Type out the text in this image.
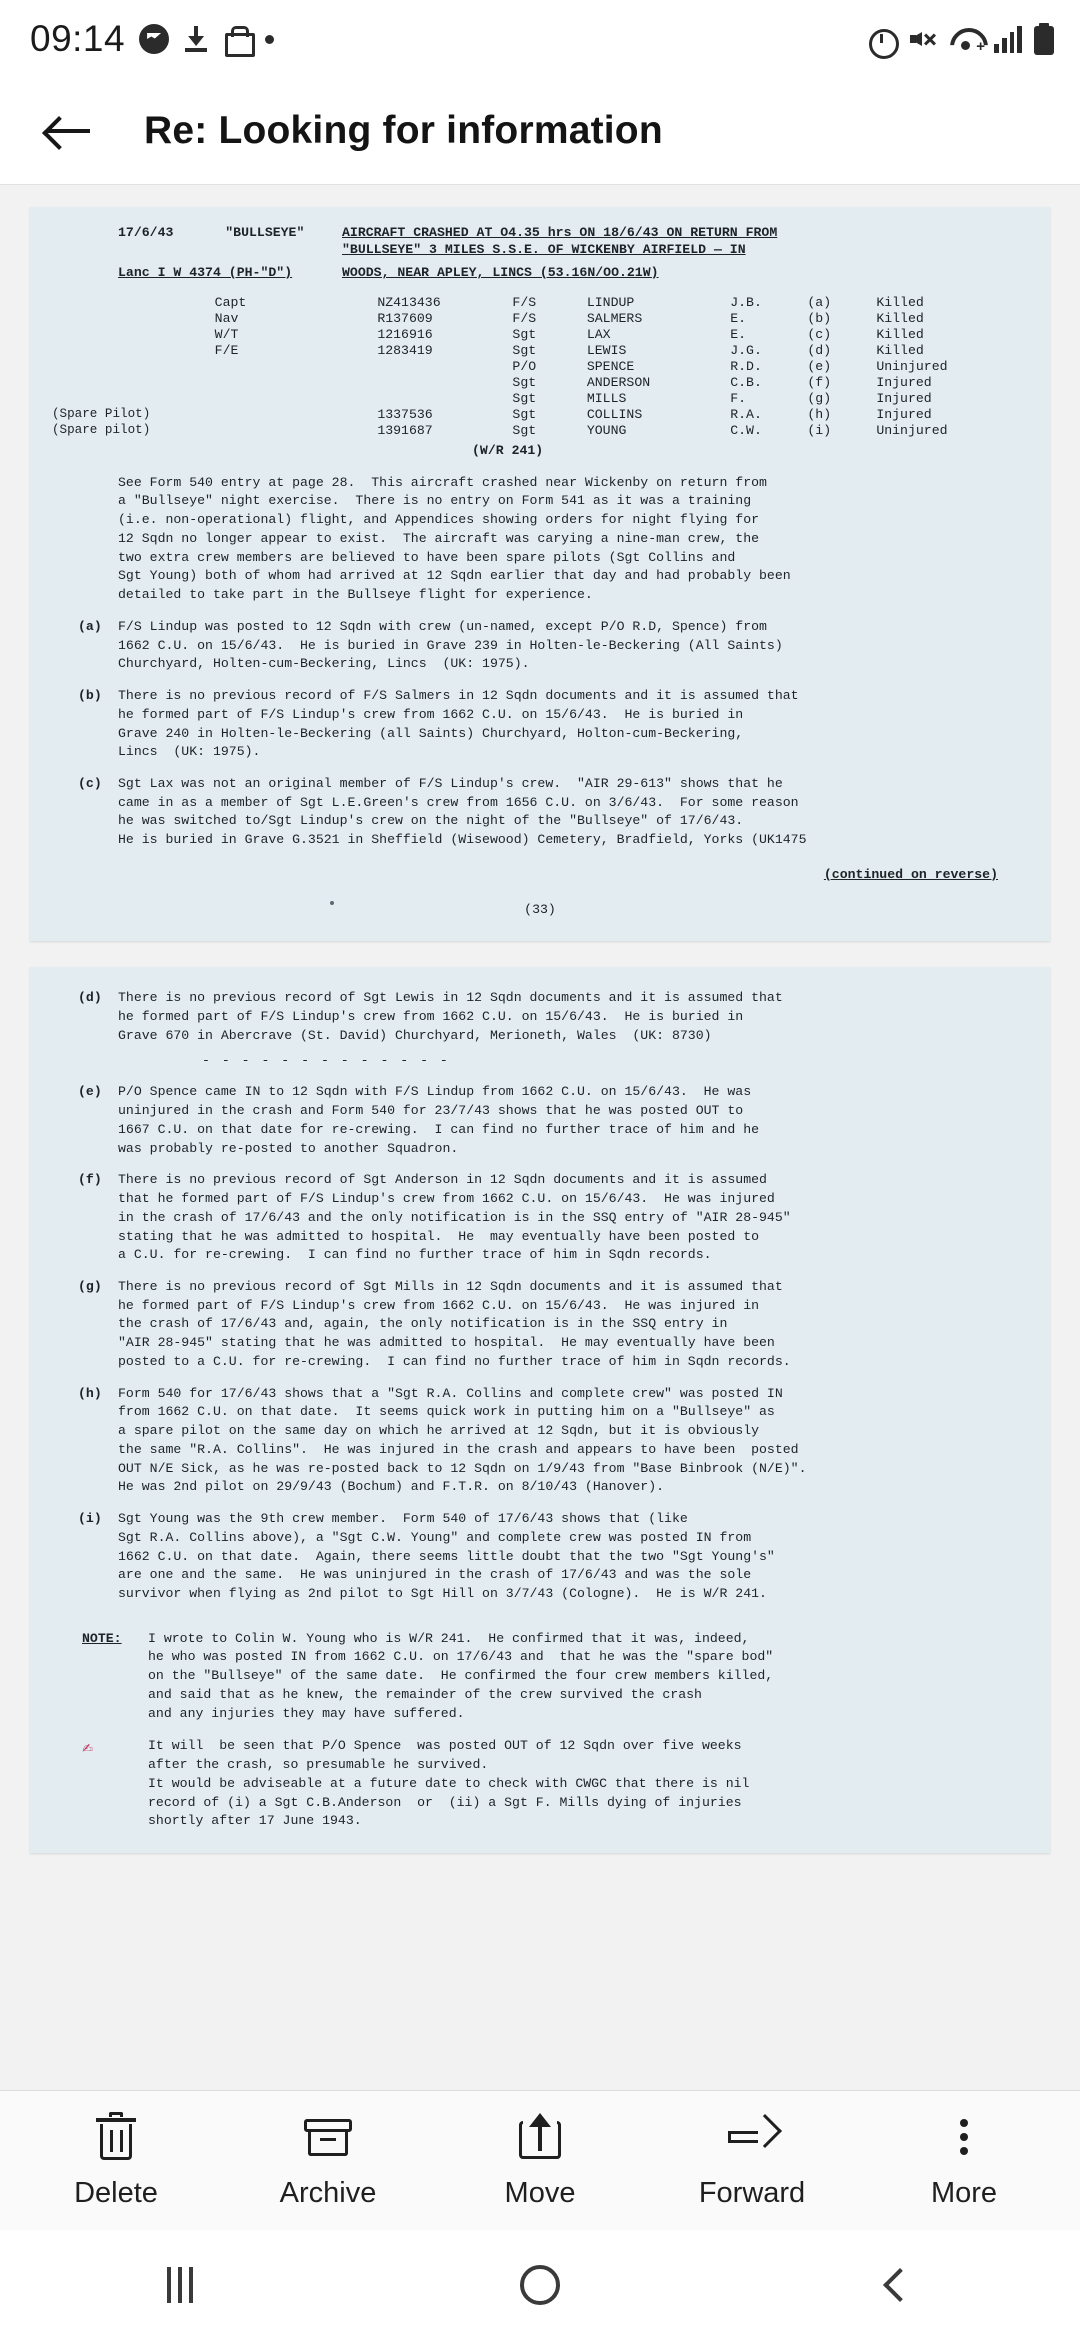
09:14	+
Re: Looking for information
17/6/43	"BULLSEYE"	AIRCRAFT CRASHED AT O4.35 hrs ON 18/6/43 ON RETURN FROM
"BULLSEYE" 3 MILES S.S.E. OF WICKENBY AIRFIELD — IN
Lanc I W 4374 (PH-"D")	WOODS, NEAR APLEY, LINCS (53.16N/OO.21W)
	Capt	NZ413436	F/S	LINDUP	J.B.	(a)	Killed
	Nav	R137609	F/S	SALMERS	E.	(b)	Killed
	W/T	1216916	Sgt	LAX	E.	(c)	Killed
	F/E	1283419	Sgt	LEWIS	J.G.	(d)	Killed
			P/O	SPENCE	R.D.	(e)	Uninjured
			Sgt	ANDERSON	C.B.	(f)	Injured
			Sgt	MILLS	F.	(g)	Injured
(Spare Pilot)		1337536	Sgt	COLLINS	R.A.	(h)	Injured
(Spare pilot)		1391687	Sgt	YOUNG	C.W.	(i)	Uninjured
(W/R 241)
See Form 540 entry at page 28.  This aircraft crashed near Wickenby on return from
a "Bullseye" night exercise.  There is no entry on Form 541 as it was a training
(i.e. non-operational) flight, and Appendices showing orders for night flying for
12 Sqdn no longer appear to exist.  The aircraft was carying a nine-man crew, the
two extra crew members are believed to have been spare pilots (Sgt Collins and
Sgt Young) both of whom had arrived at 12 Sqdn earlier that day and had probably been
detailed to take part in the Bullseye flight for experience.
(a)	F/S Lindup was posted to 12 Sqdn with crew (un-named, except P/O R.D, Spence) from
1662 C.U. on 15/6/43.  He is buried in Grave 239 in Holten-le-Beckering (All Saints)
Churchyard, Holten-cum-Beckering, Lincs  (UK: 1975).
(b)	There is no previous record of F/S Salmers in 12 Sqdn documents and it is assumed that
he formed part of F/S Lindup's crew from 1662 C.U. on 15/6/43.  He is buried in
Grave 240 in Holten-le-Beckering (all Saints) Churchyard, Holton-cum-Beckering,
Lincs  (UK: 1975).
(c)	Sgt Lax was not an original member of F/S Lindup's crew.  "AIR 29-613" shows that he
came in as a member of Sgt L.E.Green's crew from 1656 C.U. on 3/6/43.  For some reason
he was switched to/Sgt Lindup's crew on the night of the "Bullseye" of 17/6/43.
He is buried in Grave G.3521 in Sheffield (Wisewood) Cemetery, Bradfield, Yorks (UK1475
(continued on reverse)
(33)
(d)	There is no previous record of Sgt Lewis in 12 Sqdn documents and it is assumed that
he formed part of F/S Lindup's crew from 1662 C.U. on 15/6/43.  He is buried in
Grave 670 in Abercrave (St. David) Churchyard, Merioneth, Wales  (UK: 8730)
- - - - - - - - - - - - -
(e)	P/O Spence came IN to 12 Sqdn with F/S Lindup from 1662 C.U. on 15/6/43.  He was
uninjured in the crash and Form 540 for 23/7/43 shows that he was posted OUT to
1667 C.U. on that date for re-crewing.  I can find no further trace of him and he
was probably re-posted to another Squadron.
(f)	There is no previous record of Sgt Anderson in 12 Sqdn documents and it is assumed
that he formed part of F/S Lindup's crew from 1662 C.U. on 15/6/43.  He was injured
in the crash of 17/6/43 and the only notification is in the SSQ entry of "AIR 28-945"
stating that he was admitted to hospital.  He  may eventually have been posted to
a C.U. for re-crewing.  I can find no further trace of him in Sqdn records.
(g)	There is no previous record of Sgt Mills in 12 Sqdn documents and it is assumed that
he formed part of F/S Lindup's crew from 1662 C.U. on 15/6/43.  He was injured in
the crash of 17/6/43 and, again, the only notification is in the SSQ entry in
"AIR 28-945" stating that he was admitted to hospital.  He may eventually have been
posted to a C.U. for re-crewing.  I can find no further trace of him in Sqdn records.
(h)	Form 540 for 17/6/43 shows that a "Sgt R.A. Collins and complete crew" was posted IN
from 1662 C.U. on that date.  It seems quick work in putting him on a "Bullseye" as
a spare pilot on the same day on which he arrived at 12 Sqdn, but it is obviously
the same "R.A. Collins".  He was injured in the crash and appears to have been  posted
OUT N/E Sick, as he was re-posted back to 12 Sqdn on 1/9/43 from "Base Binbrook (N/E)".
He was 2nd pilot on 29/9/43 (Bochum) and F.T.R. on 8/10/43 (Hanover).
(i)	Sgt Young was the 9th crew member.  Form 540 of 17/6/43 shows that (like
Sgt R.A. Collins above), a "Sgt C.W. Young" and complete crew was posted IN from
1662 C.U. on that date.  Again, there seems little doubt that the two "Sgt Young's"
are one and the same.  He was uninjured in the crash of 17/6/43 and was the sole
survivor when flying as 2nd pilot to Sgt Hill on 3/7/43 (Cologne).  He is W/R 241.
NOTE:	I wrote to Colin W. Young who is W/R 241.  He confirmed that it was, indeed,
he who was posted IN from 1662 C.U. on 17/6/43 and  that he was the "spare bod"
on the "Bullseye" of the same date.  He confirmed the four crew members killed,
and said that as he knew, the remainder of the crew survived the crash
and any injuries they may have suffered.
✍	It will  be seen that P/O Spence  was posted OUT of 12 Sqdn over five weeks
after the crash, so presumable he survived.
It would be adviseable at a future date to check with CWGC that there is nil
record of (i) a Sgt C.B.Anderson  or  (ii) a Sgt F. Mills dying of injuries
shortly after 17 June 1943.
Delete	Archive	Move	Forward	More
